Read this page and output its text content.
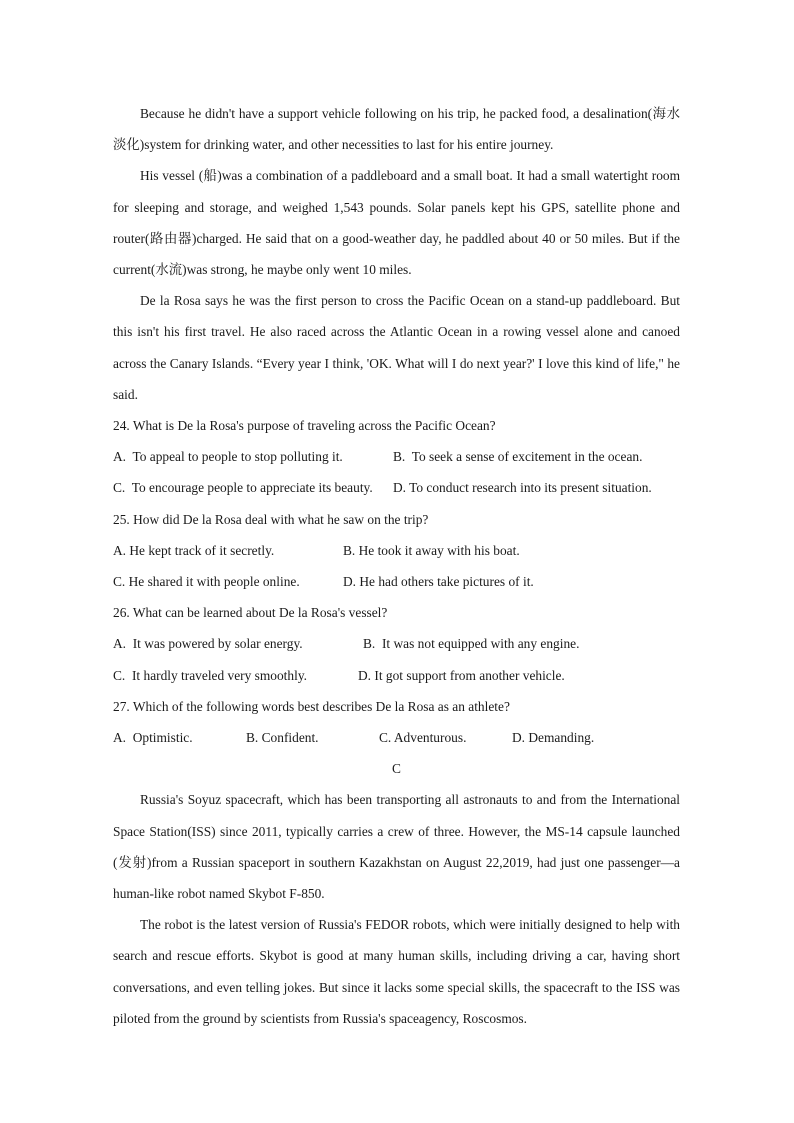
Because he didn't have a support vehicle following on his trip, he packed food, a desalination(海水淡化)system for drinking water, and other necessities to last for his entire journey.

His vessel (船)was a combination of a paddleboard and a small boat. It had a small watertight room for sleeping and storage, and weighed 1,543 pounds. Solar panels kept his GPS, satellite phone and router(路由器)charged. He said that on a good-weather day, he paddled about 40 or 50 miles. But if the current(水流)was strong, he maybe only went 10 miles.

De la Rosa says he was the first person to cross the Pacific Ocean on a stand-up paddleboard. But this isn't his first travel. He also raced across the Atlantic Ocean in a rowing vessel alone and canoed across the Canary Islands. “Every year I think, 'OK. What will I do next year?' I love this kind of life," he said.

24. What is De la Rosa's purpose of traveling across the Pacific Ocean?

A.  To appeal to people to stop polluting it.	B.  To seek a sense of excitement in the ocean.
C.  To encourage people to appreciate its beauty.	D. To conduct research into its present situation.

25. How did De la Rosa deal with what he saw on the trip?

A. He kept track of it secretly.	B. He took it away with his boat.
C. He shared it with people online.	D. He had others take pictures of it.

26. What can be learned about De la Rosa's vessel?

A.  It was powered by solar energy.	B.  It was not equipped with any engine.
C.  It hardly traveled very smoothly.	D. It got support from another vehicle.

27. Which of the following words best describes De la Rosa as an athlete?

A.  Optimistic.	B. Confident.	C. Adventurous.	D. Demanding.

C

Russia's Soyuz spacecraft, which has been transporting all astronauts to and from the International Space Station(ISS) since 2011, typically carries a crew of three. However, the MS-14 capsule launched (发射)from a Russian spaceport in southern Kazakhstan on August 22,2019, had just one passenger—a human-like robot named Skybot F-850.

The robot is the latest version of Russia's FEDOR robots, which were initially designed to help with search and rescue efforts. Skybot is good at many human skills, including driving a car, having short conversations, and even telling jokes. But since it lacks some special skills, the spacecraft to the ISS was piloted from the ground by scientists from Russia's spaceagency, Roscosmos.
